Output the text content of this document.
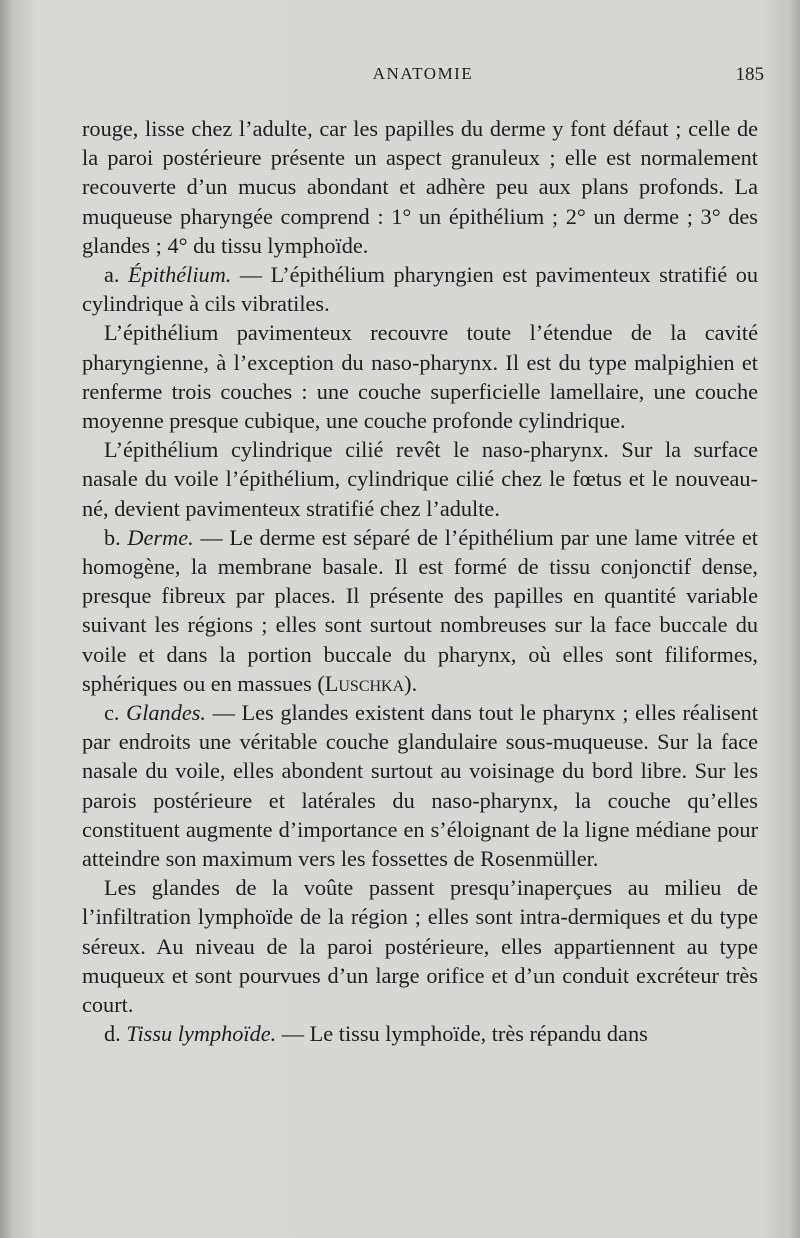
ANATOMIE	185

rouge, lisse chez l’adulte, car les papilles du derme y font défaut ; celle de la paroi postérieure présente un aspect granuleux ; elle est normalement recouverte d’un mucus abondant et adhère peu aux plans profonds. La muqueuse pharyngée comprend : 1° un épithélium ; 2° un derme ; 3° des glandes ; 4° du tissu lymphoïde.

a. Épithélium. — L’épithélium pharyngien est pavimenteux stratifié ou cylindrique à cils vibratiles.

L’épithélium pavimenteux recouvre toute l’étendue de la cavité pharyngienne, à l’exception du naso-pharynx. Il est du type malpighien et renferme trois couches : une couche superficielle lamellaire, une couche moyenne presque cubique, une couche profonde cylindrique.

L’épithélium cylindrique cilié revêt le naso-pharynx. Sur la surface nasale du voile l’épithélium, cylindrique cilié chez le fœtus et le nouveau-né, devient pavimenteux stratifié chez l’adulte.

b. Derme. — Le derme est séparé de l’épithélium par une lame vitrée et homogène, la membrane basale. Il est formé de tissu conjonctif dense, presque fibreux par places. Il présente des papilles en quantité variable suivant les régions ; elles sont surtout nombreuses sur la face buccale du voile et dans la portion buccale du pharynx, où elles sont filiformes, sphériques ou en massues (Luschka).

c. Glandes. — Les glandes existent dans tout le pharynx ; elles réalisent par endroits une véritable couche glandulaire sous-muqueuse. Sur la face nasale du voile, elles abondent surtout au voisinage du bord libre. Sur les parois postérieure et latérales du naso-pharynx, la couche qu’elles constituent augmente d’importance en s’éloignant de la ligne médiane pour atteindre son maximum vers les fossettes de Rosenmüller.

Les glandes de la voûte passent presqu’inaperçues au milieu de l’infiltration lymphoïde de la région ; elles sont intra-dermiques et du type séreux. Au niveau de la paroi postérieure, elles appartiennent au type muqueux et sont pourvues d’un large orifice et d’un conduit excréteur très court.

d. Tissu lymphoïde. — Le tissu lymphoïde, très répandu dans
